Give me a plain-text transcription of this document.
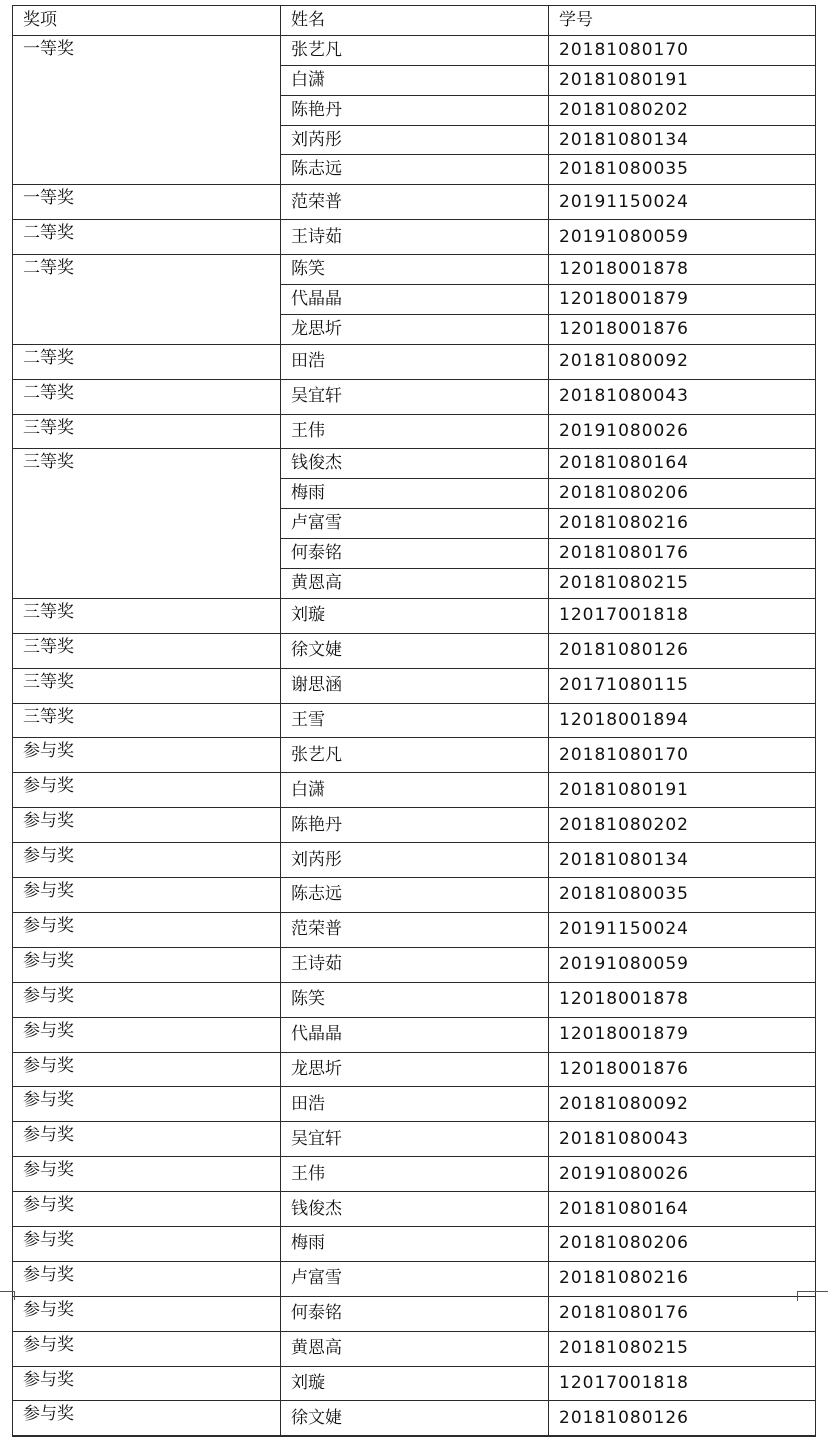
奖项	姓名	学号
一等奖	张艺凡	20181080170
	白潇	20181080191
	陈艳丹	20181080202
	刘芮彤	20181080134
	陈志远	20181080035
一等奖	范荣普	20191150024
二等奖	王诗茹	20191080059
二等奖	陈笑	12018001878
	代晶晶	12018001879
	龙思圻	12018001876
二等奖	田浩	20181080092
二等奖	吴宜轩	20181080043
三等奖	王伟	20191080026
三等奖	钱俊杰	20181080164
	梅雨	20181080206
	卢富雪	20181080216
	何泰铭	20181080176
	黄恩高	20181080215
三等奖	刘璇	12017001818
三等奖	徐文婕	20181080126
三等奖	谢思涵	20171080115
三等奖	王雪	12018001894
参与奖	张艺凡	20181080170
参与奖	白潇	20181080191
参与奖	陈艳丹	20181080202
参与奖	刘芮彤	20181080134
参与奖	陈志远	20181080035
参与奖	范荣普	20191150024
参与奖	王诗茹	20191080059
参与奖	陈笑	12018001878
参与奖	代晶晶	12018001879
参与奖	龙思圻	12018001876
参与奖	田浩	20181080092
参与奖	吴宜轩	20181080043
参与奖	王伟	20191080026
参与奖	钱俊杰	20181080164
参与奖	梅雨	20181080206
参与奖	卢富雪	20181080216
参与奖	何泰铭	20181080176
参与奖	黄恩高	20181080215
参与奖	刘璇	12017001818
参与奖	徐文婕	20181080126
